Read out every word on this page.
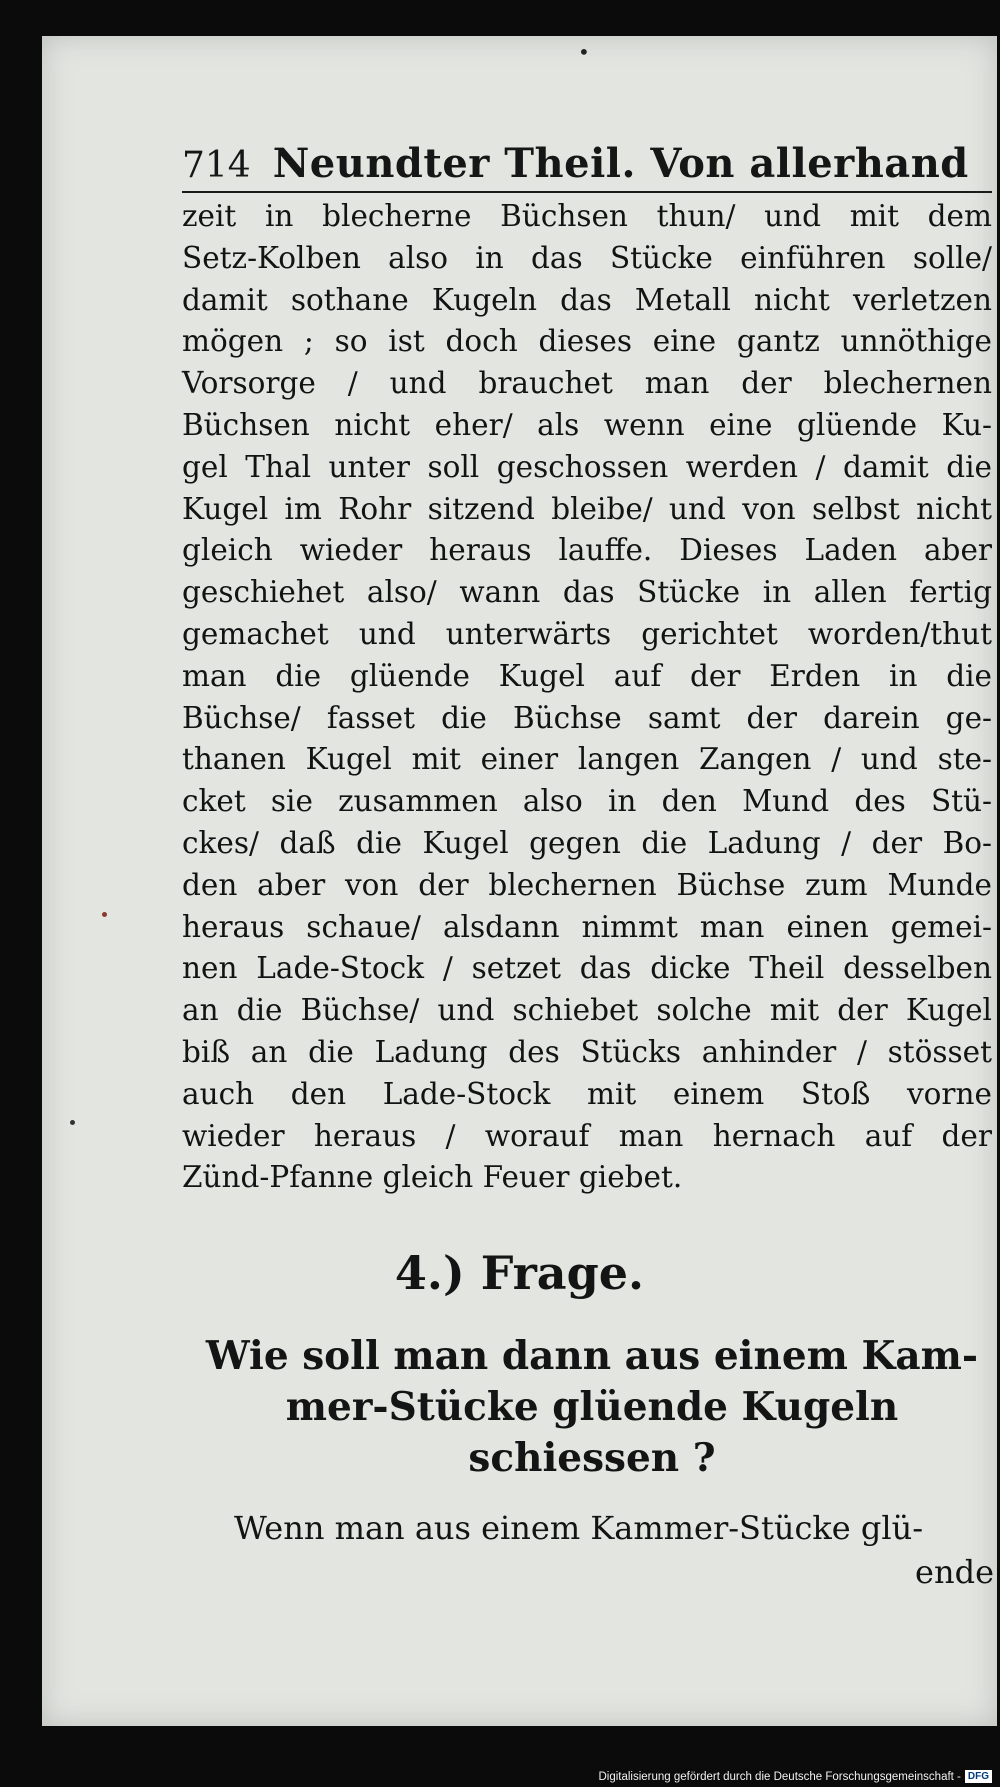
•
714 Neundter Theil. Von allerhand

zeit in blecherne Büchsen thun/ und mit dem
Setz-Kolben also in das Stücke einführen solle/
damit sothane Kugeln das Metall nicht verletzen
mögen ; so ist doch dieses eine gantz unnöthige
Vorsorge / und brauchet man der blechernen
Büchsen nicht eher/ als wenn eine glüende Ku-
gel Thal unter soll geschossen werden / damit die
Kugel im Rohr sitzend bleibe/ und von selbst nicht
gleich wieder heraus lauffe. Dieses Laden aber
geschiehet also/ wann das Stücke in allen fertig
gemachet und unterwärts gerichtet worden/thut
man die glüende Kugel auf der Erden in die
Büchse/ fasset die Büchse samt der darein ge-
thanen Kugel mit einer langen Zangen / und ste-
cket sie zusammen also in den Mund des Stü-
ckes/ daß die Kugel gegen die Ladung / der Bo-
den aber von der blechernen Büchse zum Munde
heraus schaue/ alsdann nimmt man einen gemei-
nen Lade-Stock / setzet das dicke Theil desselben
an die Büchse/ und schiebet solche mit der Kugel
biß an die Ladung des Stücks anhinder / stösset
auch den Lade-Stock mit einem Stoß vorne
wieder heraus / worauf man hernach auf der
Zünd-Pfanne gleich Feuer giebet.

4.) Frage.
Wie soll man dann aus einem Kam-
mer-Stücke glüende Kugeln
schiessen ?
Wenn man aus einem Kammer-Stücke glü-
ende
Digitalisierung gefördert durch die Deutsche Forschungsgemeinschaft - DFG
